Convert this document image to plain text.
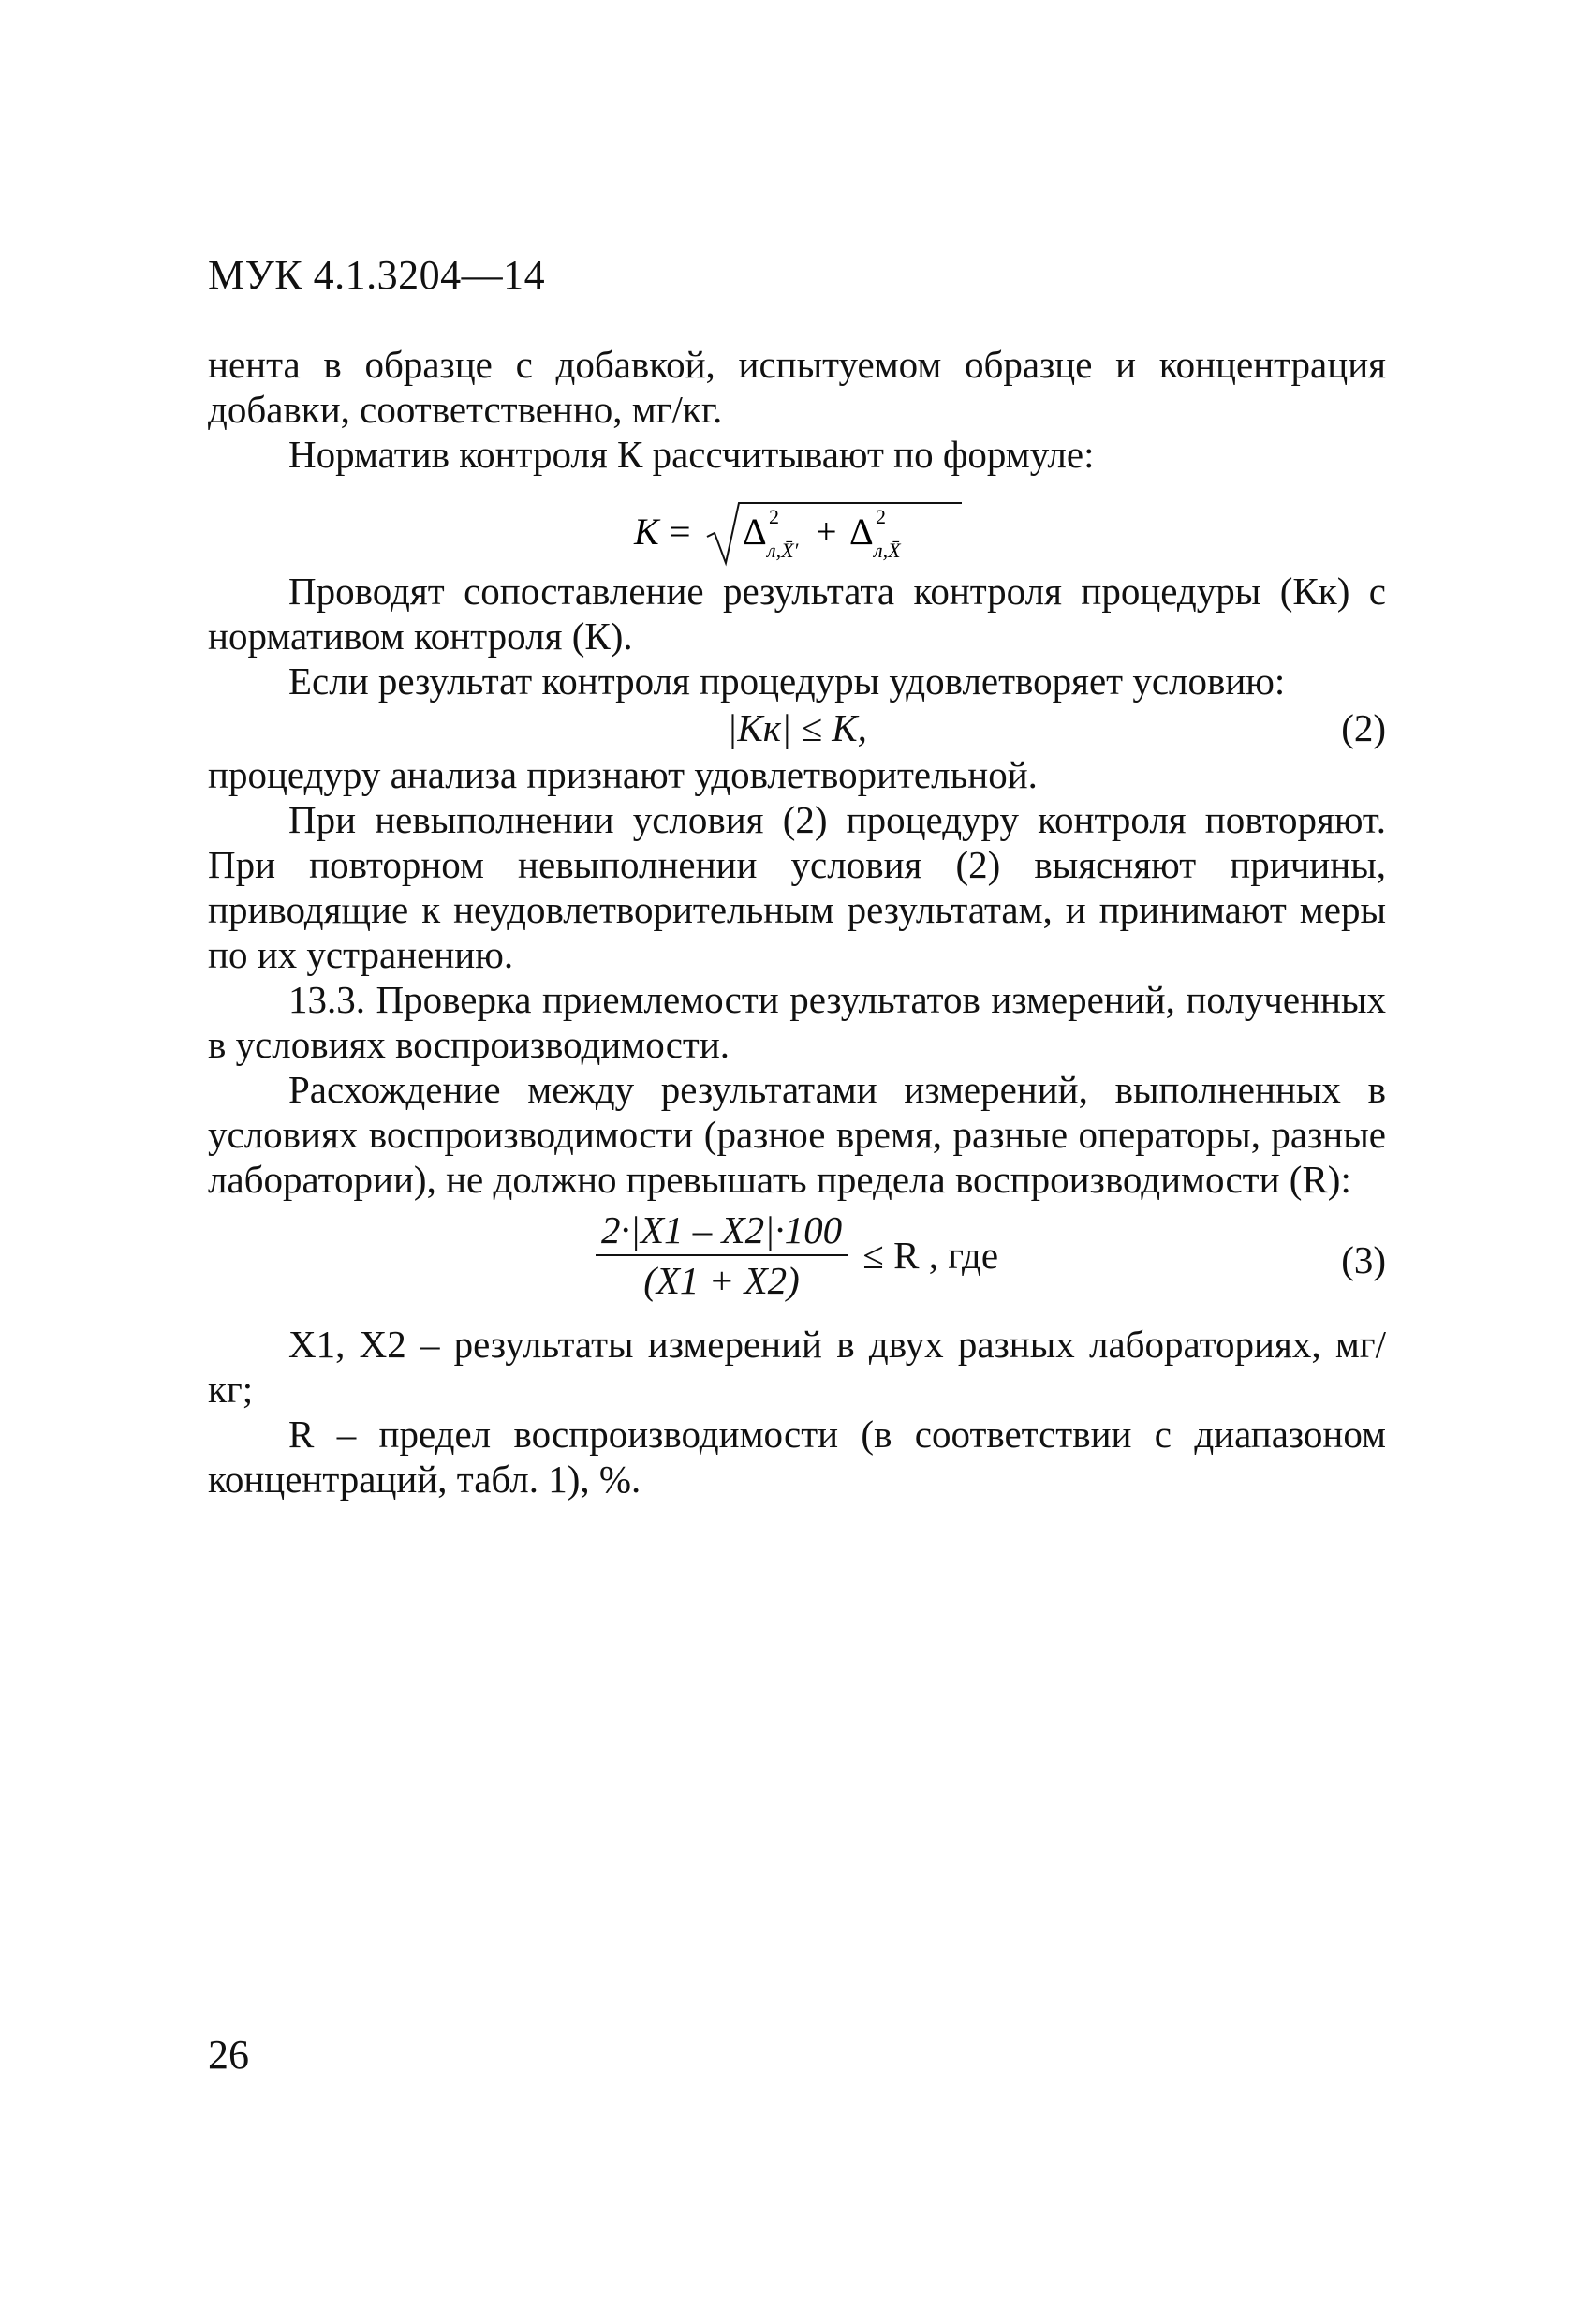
МУК 4.1.3204—14

нента в образце с добавкой, испытуемом образце и концентрация добавки, соответственно, мг/кг.

Норматив контроля К рассчитывают по формуле:

K = Δ 2
л,X̄′ + Δ 2
л,X̄

Проводят сопоставление результата контроля процедуры (Кк) с нормативом контроля (К).

Если результат контроля процедуры удовлетворяет условию:

|Kк| ≤ K,	(2)

процедуру анализа признают удовлетворительной.

При невыполнении условия (2) процедуру контроля повторяют. При повторном невыполнении условия (2) выясняют причины, приводящие к неудовлетворительным результатам, и принимают меры по их устранению.

13.3. Проверка приемлемости результатов измерений, полученных в условиях воспроизводимости.

Расхождение между результатами измерений, выполненных в условиях воспроизводимости (разное время, разные операторы, разные лаборатории), не должно превышать предела воспроизводимости (R):

$\frac{2\cdot|X1 - X2|\cdot 100}{(X1 + X2)} \le R$ , где	(3)

X1, X2 – результаты измерений в двух разных лабораториях, мг/кг;

R – предел воспроизводимости (в соответствии с диапазоном концентраций, табл. 1), %.

26
